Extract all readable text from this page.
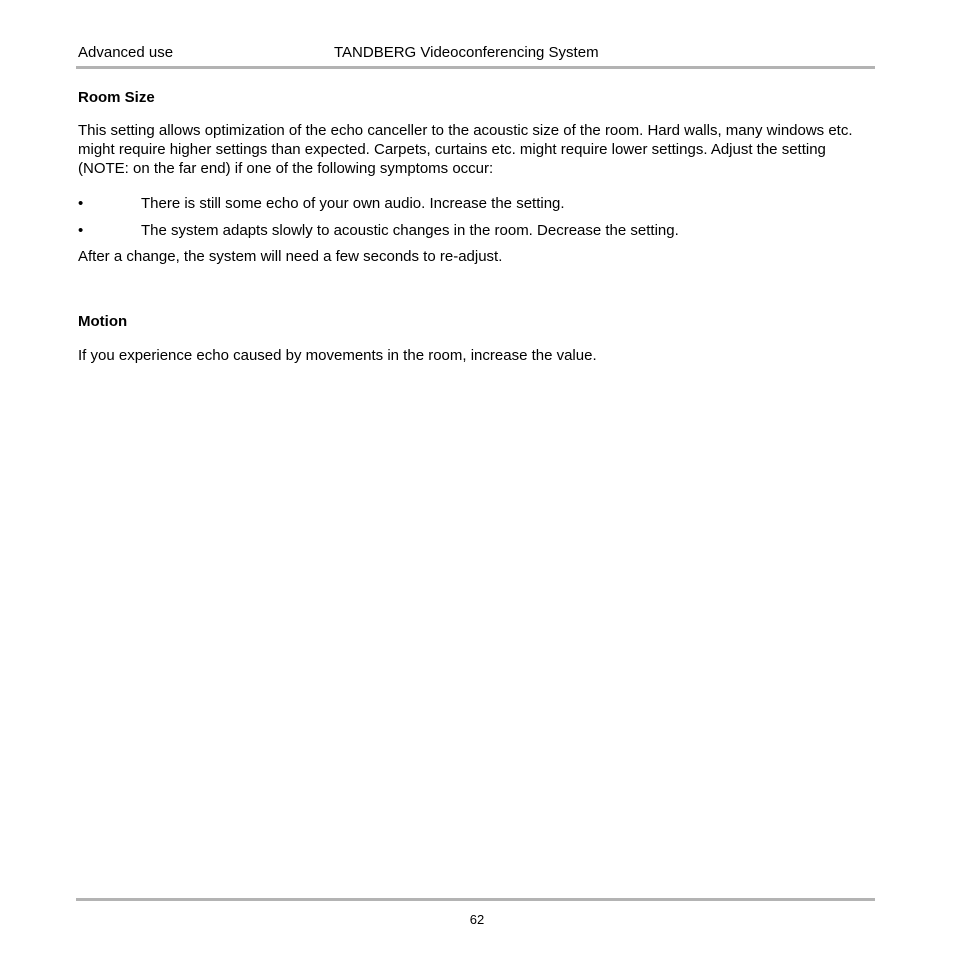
Advanced use	TANDBERG Videoconferencing System
Room Size
This setting allows optimization of the echo canceller to the acoustic size of the room. Hard walls, many windows etc. might require higher settings than expected. Carpets, curtains etc. might require lower settings. Adjust the setting (NOTE: on the far end) if one of the following symptoms occur:
•	There is still some echo of your own audio. Increase the setting.
•	The system adapts slowly to acoustic changes in the room. Decrease the setting.
After a change, the system will need a few seconds to re-adjust.
Motion
If you experience echo caused by movements in the room, increase the value.
62
